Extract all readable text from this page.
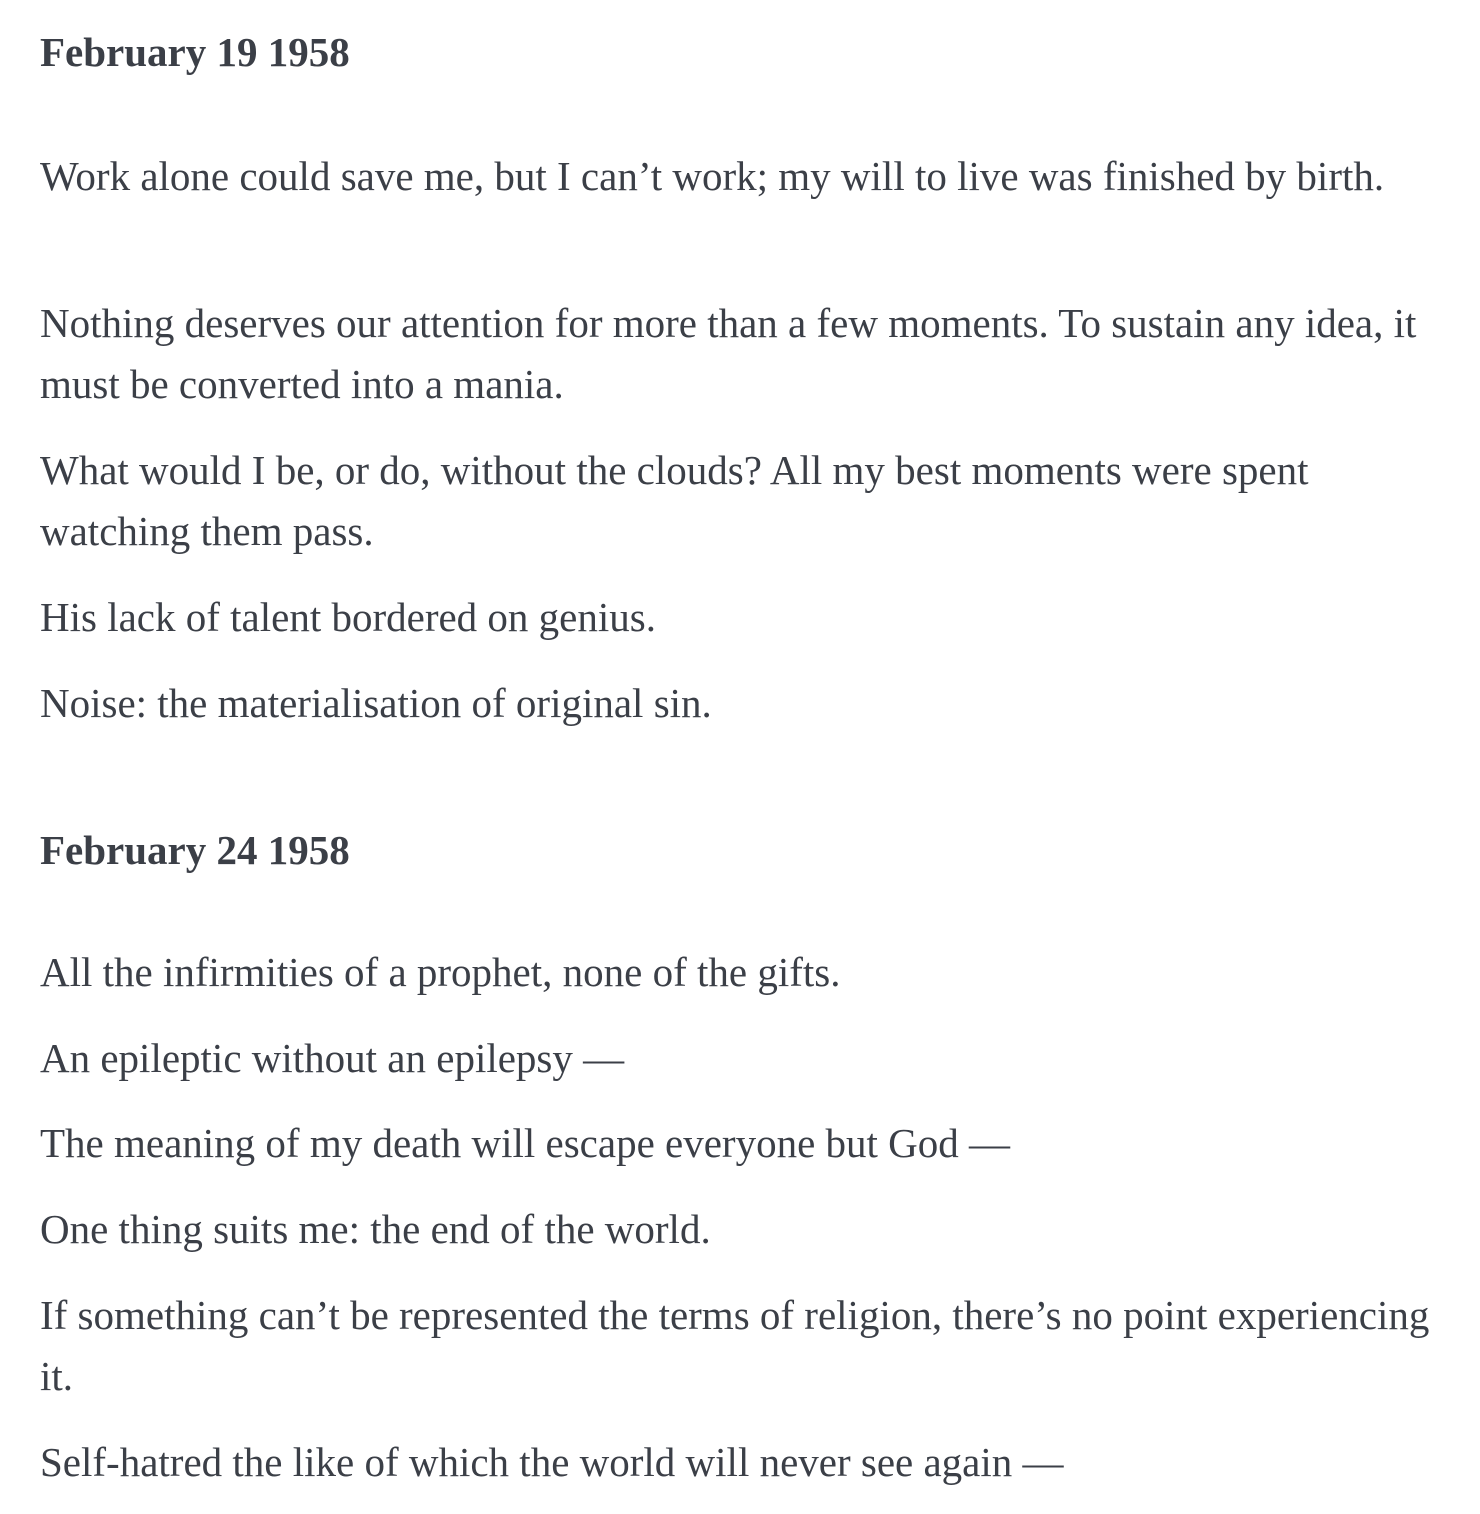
February 19 1958

Work alone could save me, but I can’t work; my will to live was finished by birth.

Nothing deserves our attention for more than a few moments. To sustain any idea, it must be converted into a mania.

What would I be, or do, without the clouds? All my best moments were spent watching them pass.

His lack of talent bordered on genius.

Noise: the materialisation of original sin.

February 24 1958

All the infirmities of a prophet, none of the gifts.

An epileptic without an epilepsy —

The meaning of my death will escape everyone but God —

One thing suits me: the end of the world.

If something can’t be represented the terms of religion, there’s no point experiencing it.

Self-hatred the like of which the world will never see again —
